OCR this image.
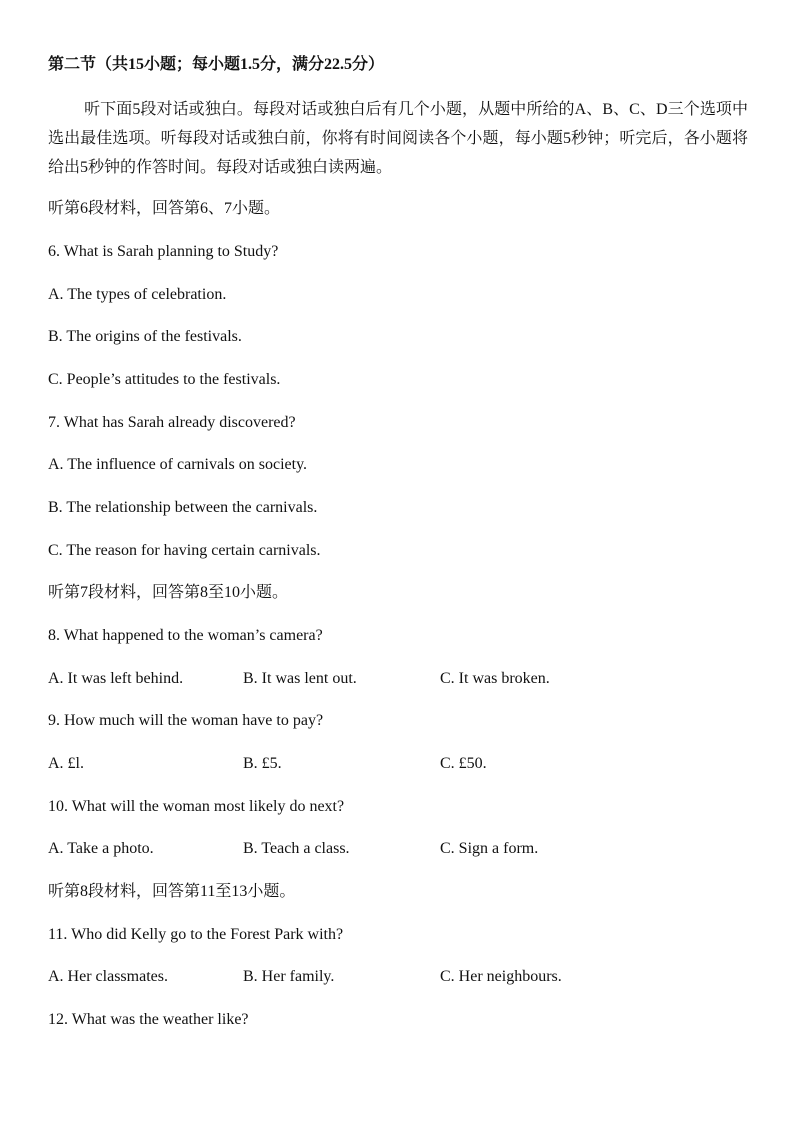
第二节（共15小题；每小题1.5分，满分22.5分）
听下面5段对话或独白。每段对话或独白后有几个小题，从题中所给的A、B、C、D三个选项中选出最佳选项。听每段对话或独白前，你将有时间阅读各个小题，每小题5秒钟；听完后，各小题将给出5秒钟的作答时间。每段对话或独白读两遍。
听第6段材料，回答第6、7小题。
6. What is Sarah planning to Study?
A. The types of celebration.
B. The origins of the festivals.
C. People’s attitudes to the festivals.
7. What has Sarah already discovered?
A. The influence of carnivals on society.
B. The relationship between the carnivals.
C. The reason for having certain carnivals.
听第7段材料，回答第8至10小题。
8. What happened to the woman’s camera?
A. It was left behind.	B. It was lent out.	C. It was broken.
9. How much will the woman have to pay?
A. £l.	B. £5.	C. £50.
10. What will the woman most likely do next?
A. Take a photo.	B. Teach a class.	C. Sign a form.
听第8段材料，回答第11至13小题。
11. Who did Kelly go to the Forest Park with?
A. Her classmates.	B. Her family.	C. Her neighbours.
12. What was the weather like?
